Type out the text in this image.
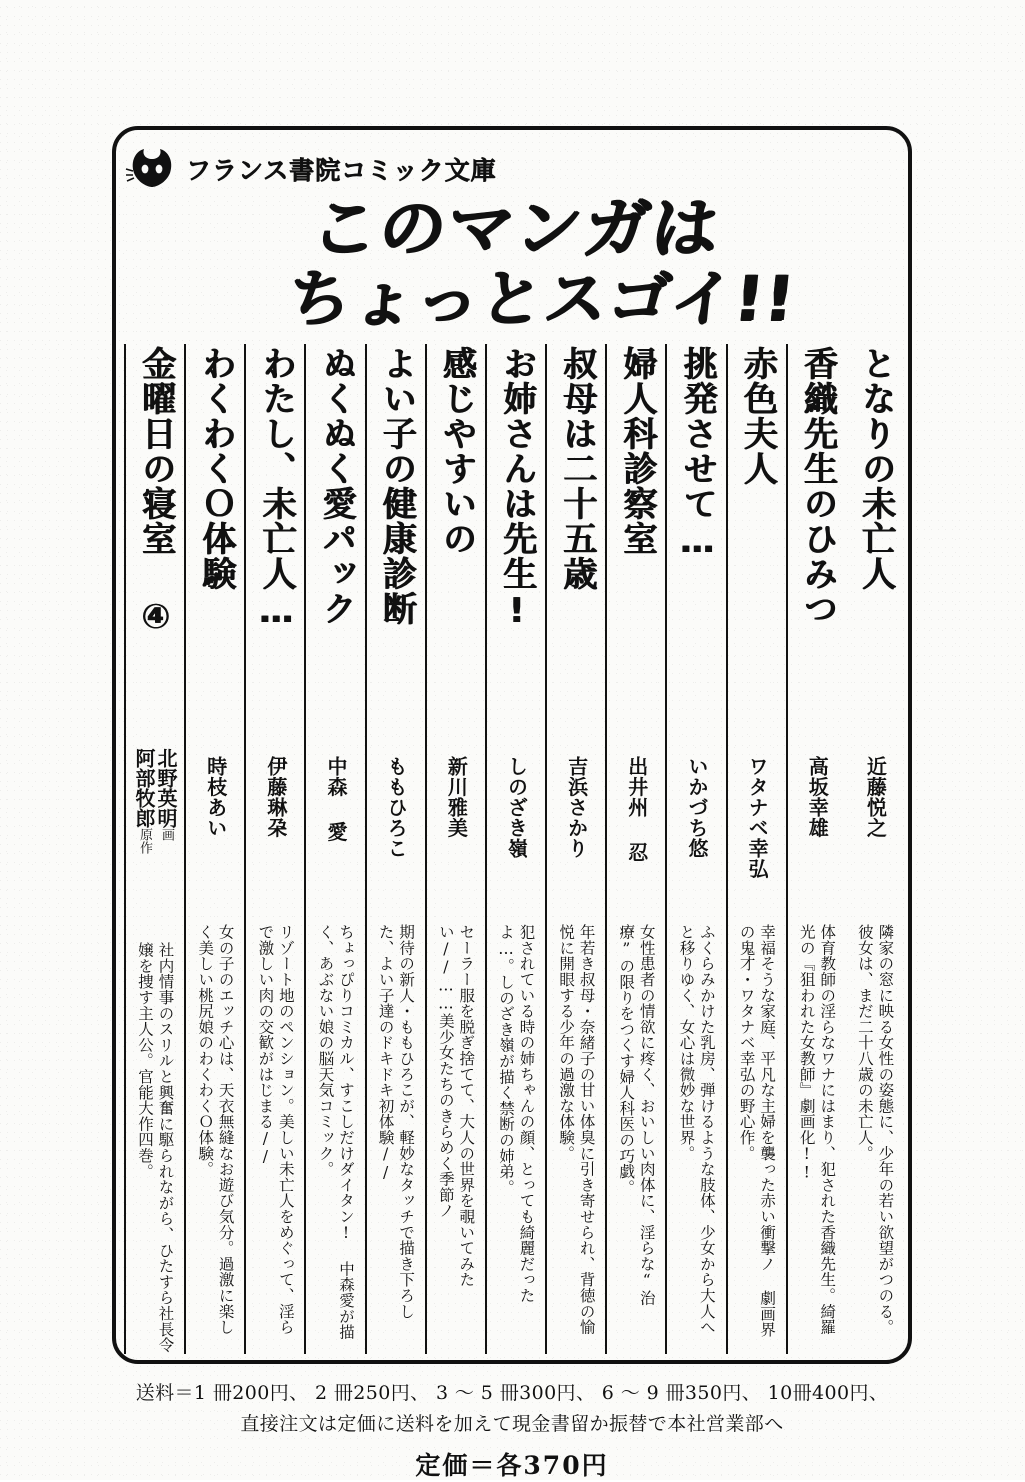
フランス書院コミック文庫
このマンガは
ちょっとスゴイ!!
となりの未亡人
近藤悦之
隣家の窓に映る女性の姿態に、少年の若い欲望がつのる。彼女は、まだ二十八歳の未亡人。
香織先生のひみつ
高坂幸雄
体育教師の淫らなワナにはまり、犯された香織先生。綺羅光の『狙われた女教師』劇画化!!
赤色夫人
ワタナベ幸弘
幸福そうな家庭、平凡な主婦を襲った赤い衝撃ノ 劇画界の鬼才・ワタナベ幸弘の野心作。
挑発させて…
いかづち悠
ふくらみかけた乳房、弾けるような肢体、少女から大人へと移りゆく、女心は微妙な世界。
婦人科診察室
出井州 忍
女性患者の情欲に疼く、おいしい肉体に、淫らな“治療”の限りをつくす婦人科医の巧戯。
叔母は二十五歳
吉浜さかり
年若き叔母・奈緒子の甘い体臭に引き寄せられ、背徳の愉悦に開眼する少年の過激な体験。
お姉さんは先生!
しのざき嶺
犯されている時の姉ちゃんの顔、とっても綺麗だったよ…。しのざき嶺が描く禁断の姉弟。
感じやすいの
新川雅美
セーラー服を脱ぎ捨てて、大人の世界を覗いてみたい//……美少女たちのきらめく季節ノ
よい子の健康診断
ももひろこ
期待の新人・ももひろこが、軽妙なタッチで描き下ろした、よい子達のドキドキ初体験//
ぬくぬく愛パック
中森 愛
ちょっぴりコミカル、すこしだけダイタン! 中森愛が描く、あぶない娘の脳天気コミック。
わたし、未亡人…
伊藤琳朶
リゾート地のペンション。美しい未亡人をめぐって、淫らで激しい肉の交歓がはじまる//
わくわくＯ体験
時枝あい
女の子のエッチ心は、天衣無縫なお遊び気分。過激に楽しく美しい桃尻娘のわくわくＯ体験。
金曜日の寝室 ④
北野英明画
阿部牧郎原作
社内情事のスリルと興奮に駆られながら、ひたすら社長令嬢を捜す主人公。官能大作四巻。
送料＝1 冊200円、 2 冊250円、 3 ～ 5 冊300円、 6 ～ 9 冊350円、 10冊400円、
直接注文は定価に送料を加えて現金書留か振替で本社営業部へ
定価＝各370円
